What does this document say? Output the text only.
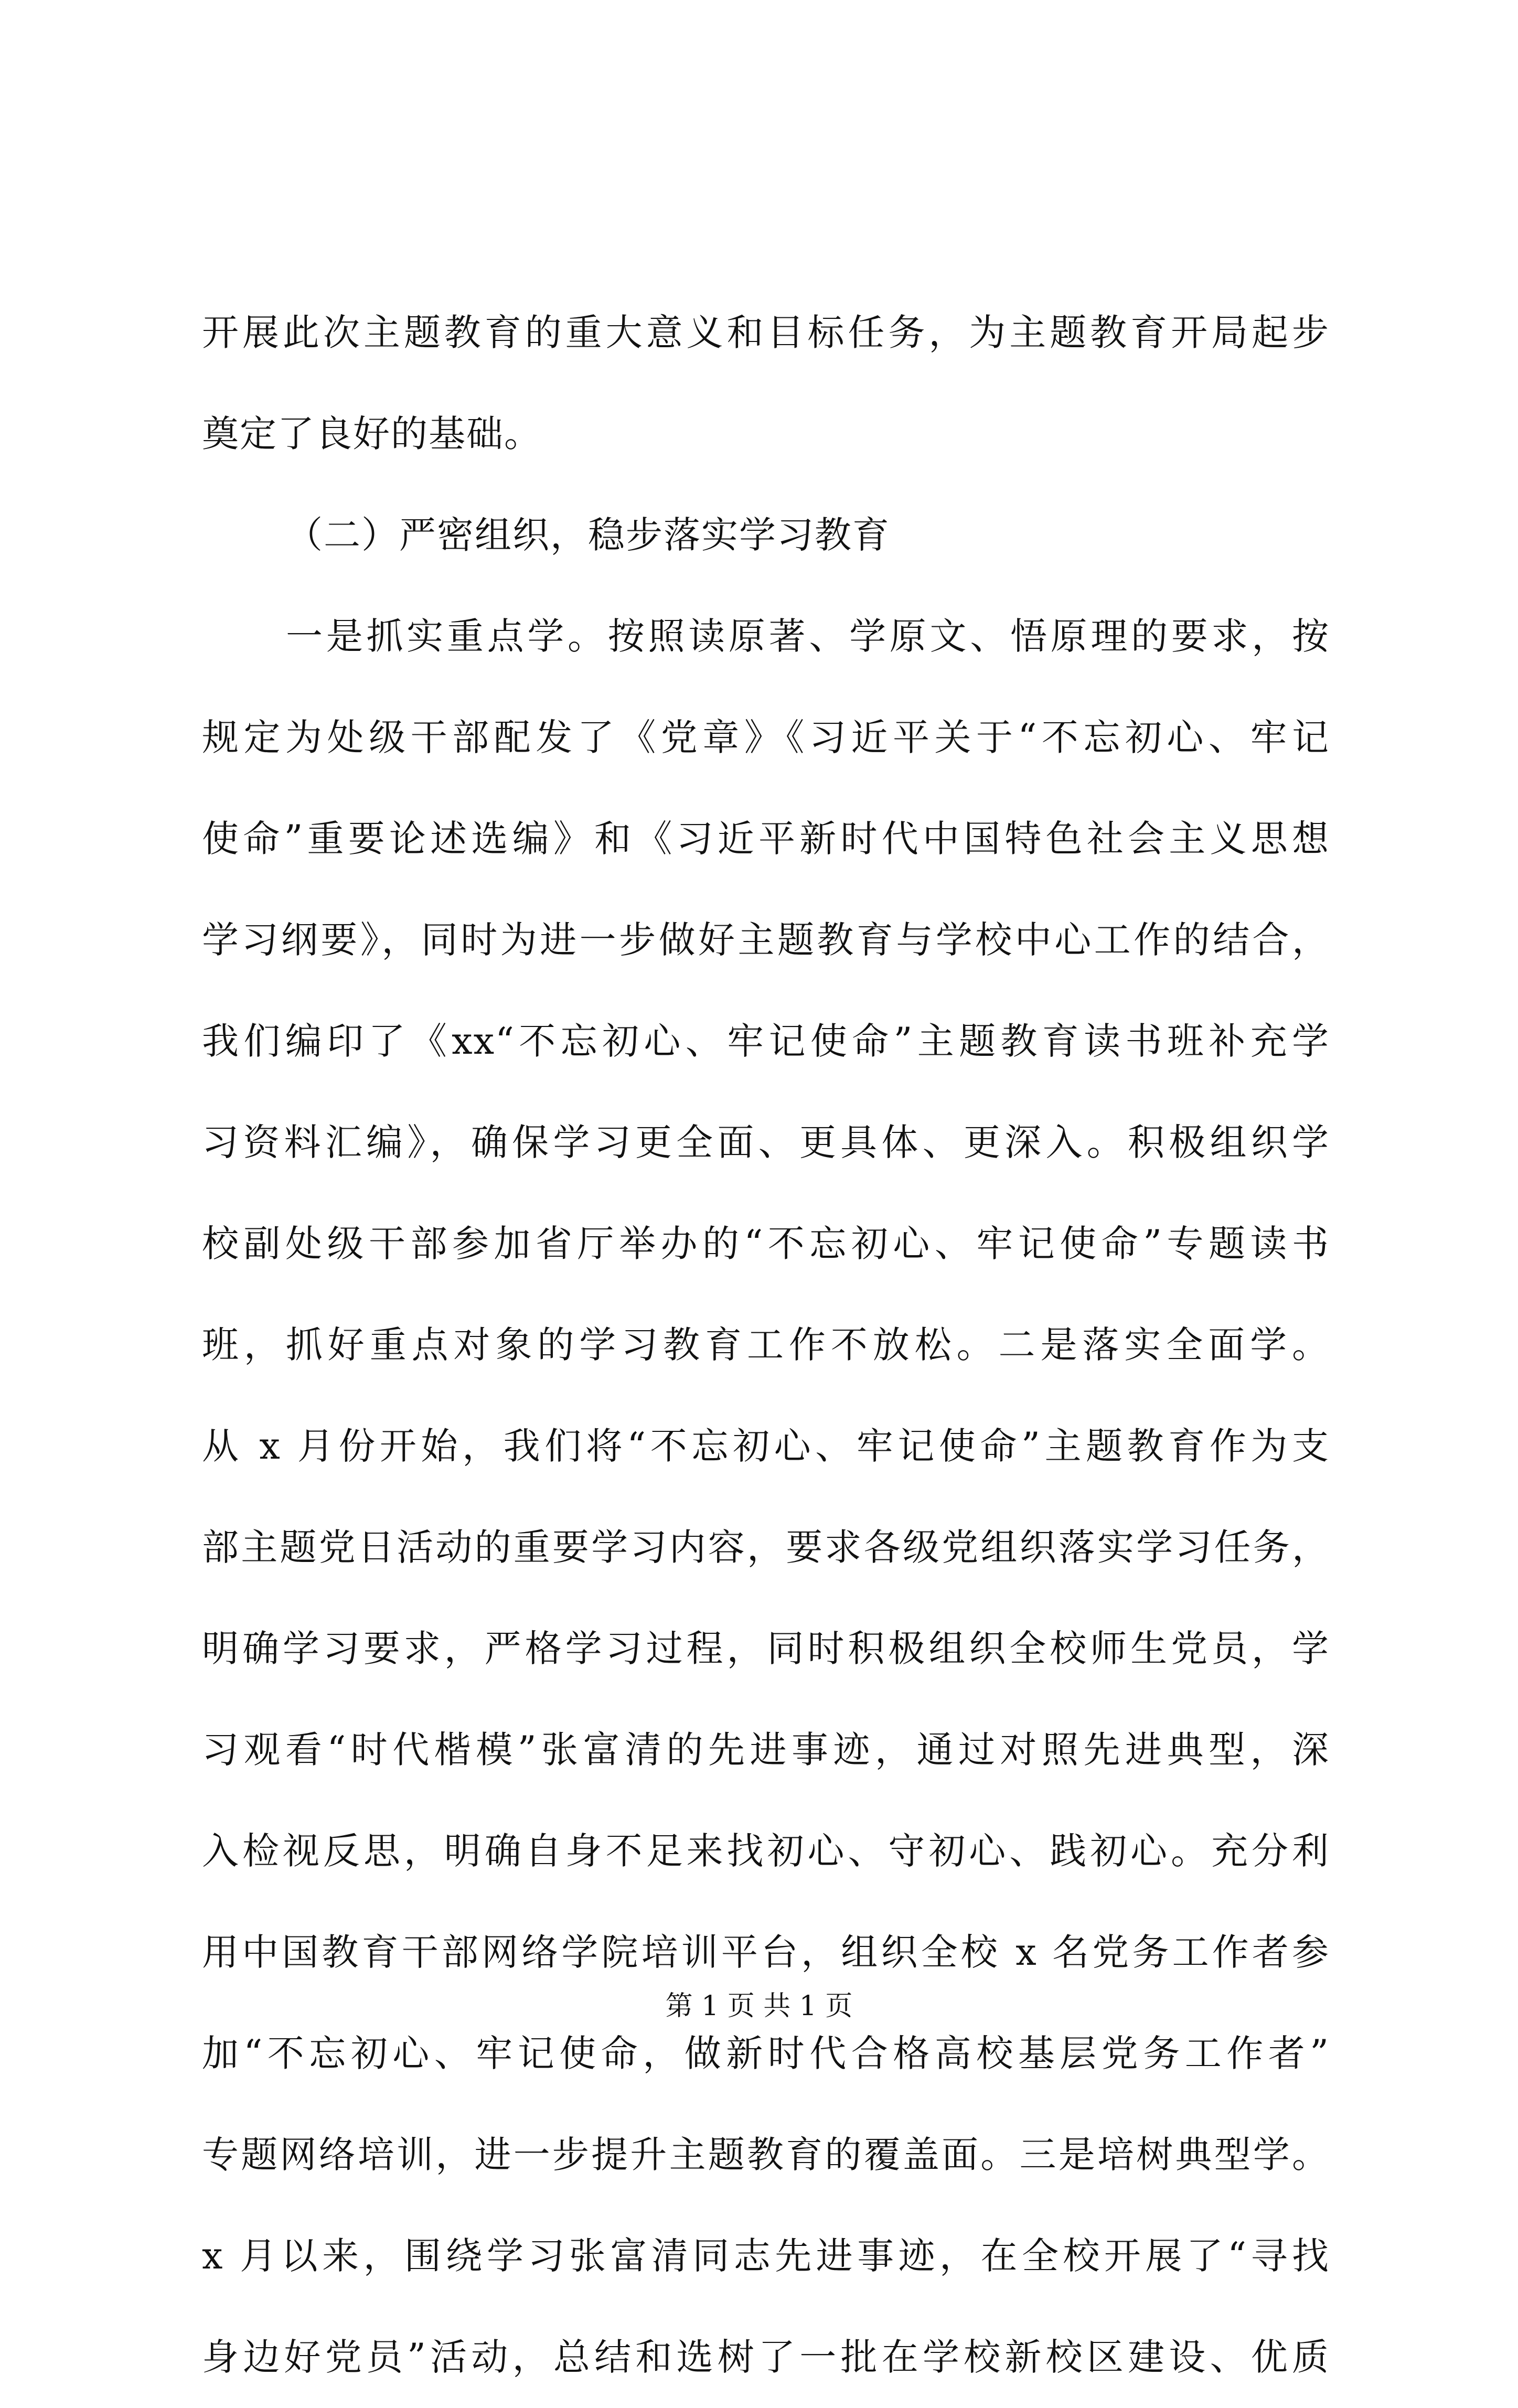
开展此次主题教育的重大意义和目标任务，为主题教育开局起步
奠定了良好的基础。
（二）严密组织，稳步落实学习教育
一是抓实重点学。按照读原著、学原文、悟原理的要求，按
规定为处级干部配发了《党章》《习近平关于“不忘初心、牢记
使命”重要论述选编》和《习近平新时代中国特色社会主义思想
学习纲要》，同时为进一步做好主题教育与学校中心工作的结合，
我们编印了《xx“不忘初心、牢记使命”主题教育读书班补充学
习资料汇编》，确保学习更全面、更具体、更深入。积极组织学
校副处级干部参加省厅举办的“不忘初心、牢记使命”专题读书
班，抓好重点对象的学习教育工作不放松。二是落实全面学。
从 x 月份开始，我们将“不忘初心、牢记使命”主题教育作为支
部主题党日活动的重要学习内容，要求各级党组织落实学习任务，
明确学习要求，严格学习过程，同时积极组织全校师生党员，学
习观看“时代楷模”张富清的先进事迹，通过对照先进典型，深
入检视反思，明确自身不足来找初心、守初心、践初心。充分利
用中国教育干部网络学院培训平台，组织全校 x 名党务工作者参
加“不忘初心、牢记使命，做新时代合格高校基层党务工作者”
专题网络培训，进一步提升主题教育的覆盖面。三是培树典型学。
x 月以来，围绕学习张富清同志先进事迹，在全校开展了“寻找
身边好党员”活动，总结和选树了一批在学校新校区建设、优质
第 1 页 共 1 页
